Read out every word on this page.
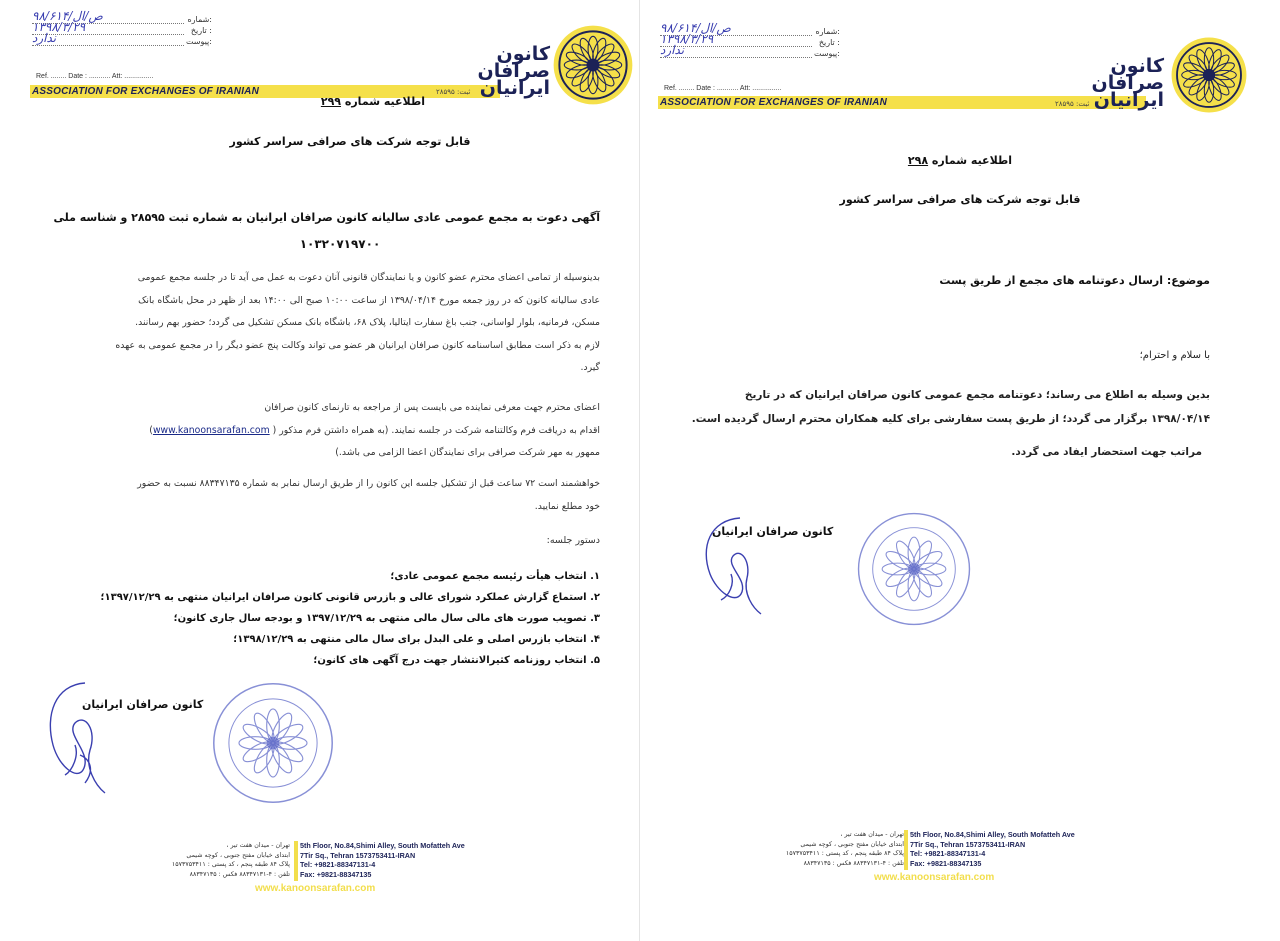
۹۸/ص/ال/۶۱۴	شماره:
۱۳۹۸/۳/۲۹	تاریخ :
ندارد	پیوست:
Ref. ........ Date : ........... Att: ...............
ASSOCIATION FOR EXCHANGES OF IRANIAN	ثبت: ۲۸۵۹۵
کانون صرافان ایرانیان
اطلاعیه شماره ۲۹۹
قابل توجه شرکت های صرافی سراسر کشور
آگهی دعوت به مجمع عمومی عادی سالیانه کانون صرافان ایرانیان به شماره ثبت ۲۸۵۹۵ و شناسه ملی
۱۰۳۲۰۷۱۹۷۰۰
بدینوسیله از تمامی اعضای محترم عضو کانون و یا نمایندگان قانونی آنان دعوت به عمل می آید تا در جلسه مجمع عمومی
عادی سالیانه کانون که در روز جمعه مورخ ۱۳۹۸/۰۴/۱۴ از ساعت ۱۰:۰۰ صبح الی ۱۴:۰۰ بعد از ظهر در محل باشگاه بانک
مسکن، فرمانیه، بلوار لواسانی، جنب باغ سفارت ایتالیا، پلاک ۶۸، باشگاه بانک مسکن تشکیل می گردد؛ حضور بهم رسانند.
لازم به ذکر است مطابق اساسنامه کانون صرافان ایرانیان هر عضو می تواند وکالت پنج عضو دیگر را در مجمع عمومی به عهده
گیرد.
اعضای محترم جهت معرفی نماینده می بایست پس از مراجعه به تارنمای کانون صرافان
اقدام به دریافت فرم وکالتنامه شرکت در جلسه نمایند. (به همراه داشتن فرم مذکور ( www.kanoonsarafan.com)
ممهور به مهر شرکت صرافی برای نمایندگان اعضا الزامی می باشد.)
خواهشمند است ۷۲ ساعت قبل از تشکیل جلسه این کانون را از طریق ارسال نمابر به شماره ۸۸۳۴۷۱۳۵ نسبت به حضور
خود مطلع نمایید.
دستور جلسه:
۱. انتخاب هیأت رئیسه مجمع عمومی عادی؛
۲. استماع گزارش عملکرد شورای عالی و بازرس قانونی کانون صرافان ایرانیان منتهی به ۱۳۹۷/۱۲/۲۹؛
۳. تصویب صورت های مالی سال مالی منتهی به ۱۳۹۷/۱۲/۲۹ و بودجه سال جاری کانون؛
۴. انتخاب بازرس اصلی و علی البدل برای سال مالی منتهی به ۱۳۹۸/۱۲/۲۹؛
۵. انتخاب روزنامه کثیرالانتشار جهت درج آگهی های کانون؛
کانون صرافان ایرانیان
تهران - میدان هفت تیر ،
ابتدای خیابان مفتح جنوبی ، کوچه شیمی
پلاک ۸۴ طبقه پنجم ، کد پستی : ۱۵۷۳۷۵۳۴۱۱
تلفن : ۴-۸۸۳۴۷۱۳۱ فکس : ۸۸۳۴۷۱۳۵
5th Floor, No.84,Shimi Alley, South Mofatteh Ave
7Tir Sq., Tehran 1573753411-IRAN
Tel: +9821-88347131-4
Fax: +9821-88347135
www.kanoonsarafan.com
۹۸/ص/ال/۶۱۴	شماره:
۱۳۹۸/۳/۲۹	تاریخ :
ندارد	پیوست:
Ref. ........ Date : ........... Att: ...............
ASSOCIATION FOR EXCHANGES OF IRANIAN	ثبت: ۲۸۵۹۵
کانون صرافان ایرانیان
اطلاعیه شماره ۲۹۸
قابل توجه شرکت های صرافی سراسر کشور
موضوع: ارسال دعوتنامه های مجمع از طریق پست
با سلام و احترام؛
بدین وسیله به اطلاع می رساند؛ دعوتنامه مجمع عمومی کانون صرافان ایرانیان که در تاریخ
۱۳۹۸/۰۴/۱۴ برگزار می گردد؛ از طریق پست سفارشی برای کلیه همکاران محترم ارسال گردیده است.
مراتب جهت استحضار ایفاد می گردد.
کانون صرافان ایرانیان
تهران - میدان هفت تیر ،
ابتدای خیابان مفتح جنوبی ، کوچه شیمی
پلاک ۸۴ طبقه پنجم ، کد پستی : ۱۵۷۳۷۵۳۴۱۱
تلفن : ۴-۸۸۳۴۷۱۳۱ فکس : ۸۸۳۴۷۱۳۵
5th Floor, No.84,Shimi Alley, South Mofatteh Ave
7Tir Sq., Tehran 1573753411-IRAN
Tel: +9821-88347131-4
Fax: +9821-88347135
www.kanoonsarafan.com
